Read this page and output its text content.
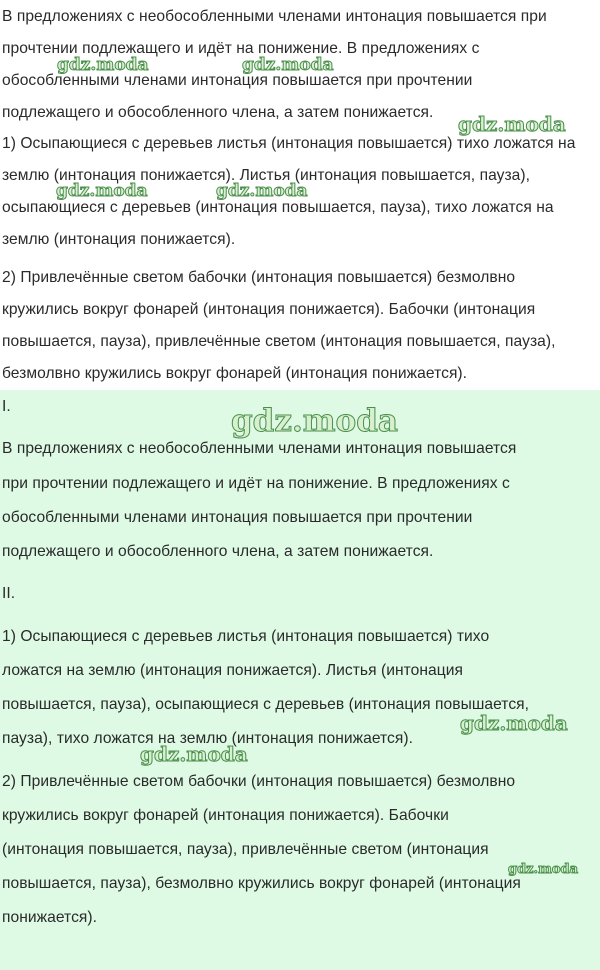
В предложениях с необособленными членами интонация повышается при
прочтении подлежащего и идёт на понижение. В предложениях с
обособленными членами интонация повышается при прочтении
подлежащего и обособленного члена, а затем понижается.
1) Осыпающиеся с деревьев листья (интонация повышается) тихо ложатся на
землю (интонация понижается). Листья (интонация повышается, пауза),
осыпающиеся с деревьев (интонация повышается, пауза), тихо ложатся на
землю (интонация понижается).
2) Привлечённые светом бабочки (интонация повышается) безмолвно
кружились вокруг фонарей (интонация понижается). Бабочки (интонация
повышается, пауза), привлечённые светом (интонация повышается, пауза),
безмолвно кружились вокруг фонарей (интонация понижается).
I.
В предложениях с необособленными членами интонация повышается
при прочтении подлежащего и идёт на понижение. В предложениях с
обособленными членами интонация повышается при прочтении
подлежащего и обособленного члена, а затем понижается.
II.
1) Осыпающиеся с деревьев листья (интонация повышается) тихо
ложатся на землю (интонация понижается). Листья (интонация
повышается, пауза), осыпающиеся с деревьев (интонация повышается,
пауза), тихо ложатся на землю (интонация понижается).
2) Привлечённые светом бабочки (интонация повышается) безмолвно
кружились вокруг фонарей (интонация понижается). Бабочки
(интонация повышается, пауза), привлечённые светом (интонация
повышается, пауза), безмолвно кружились вокруг фонарей (интонация
понижается).
gdz.moda	gdz.moda
gdz.moda
gdz.moda	gdz.moda
gdz.moda
gdz.moda
gdz.moda
gdz.moda
